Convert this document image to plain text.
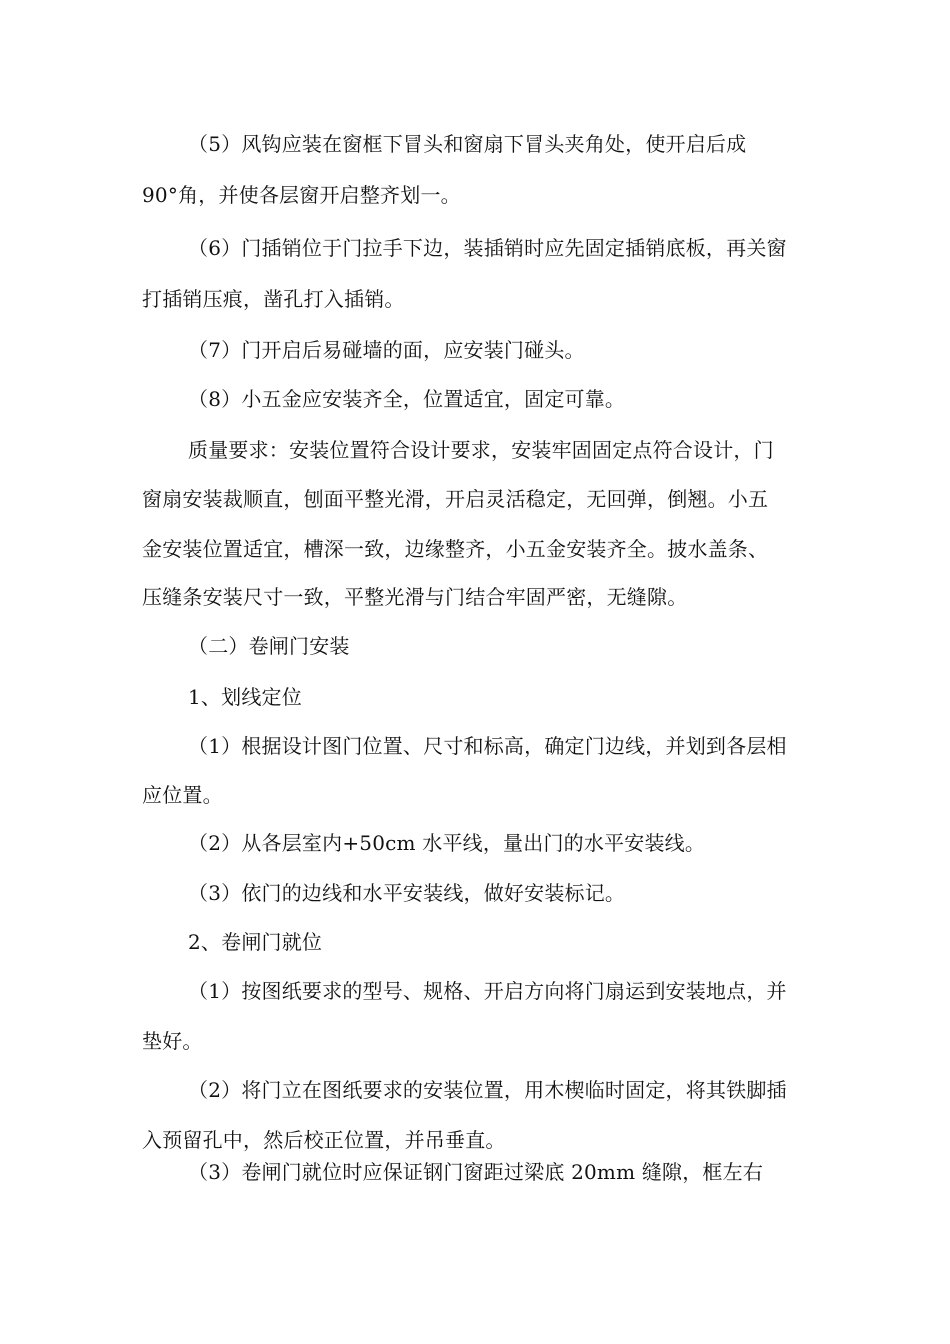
（5）风钩应装在窗框下冒头和窗扇下冒头夹角处，使开启后成
90°角，并使各层窗开启整齐划一。
（6）门插销位于门拉手下边，装插销时应先固定插销底板，再关窗
打插销压痕，凿孔打入插销。
（7）门开启后易碰墙的面，应安装门碰头。
（8）小五金应安装齐全，位置适宜，固定可靠。
质量要求：安装位置符合设计要求，安装牢固固定点符合设计，门
窗扇安装裁顺直，刨面平整光滑，开启灵活稳定，无回弹，倒翘。小五
金安装位置适宜，槽深一致，边缘整齐，小五金安装齐全。披水盖条、
压缝条安装尺寸一致，平整光滑与门结合牢固严密，无缝隙。
（二）卷闸门安装
1、划线定位
（1）根据设计图门位置、尺寸和标高，确定门边线，并划到各层相
应位置。
（2）从各层室内+50cm 水平线，量出门的水平安装线。
（3）依门的边线和水平安装线，做好安装标记。
2、卷闸门就位
（1）按图纸要求的型号、规格、开启方向将门扇运到安装地点，并
垫好。
（2）将门立在图纸要求的安装位置，用木楔临时固定，将其铁脚插
入预留孔中，然后校正位置，并吊垂直。
（3）卷闸门就位时应保证钢门窗距过梁底 20mm 缝隙，框左右
